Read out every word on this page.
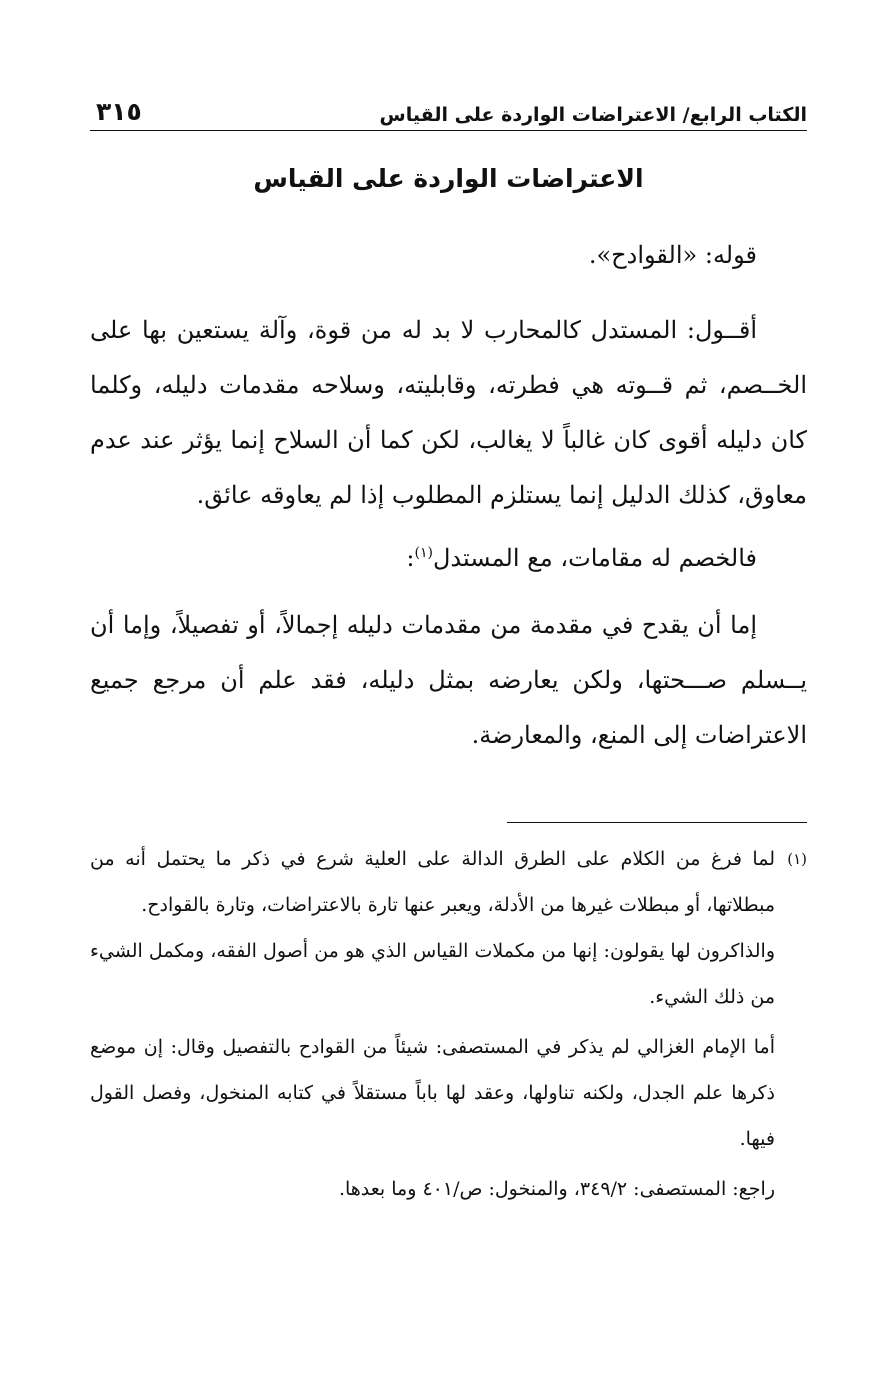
الكتاب الرابع/ الاعتراضات الواردة على القياس
٣١٥
الاعتراضات الواردة على القياس

قوله: «القوادح».

أقــول: المستدل كالمحارب لا بد له من قوة، وآلة يستعين بها على الخــصم، ثم قــوته هي فطرته، وقابليته، وسلاحه مقدمات دليله، وكلما كان دليله أقوى كان غالباً لا يغالب، لكن كما أن السلاح إنما يؤثر عند عدم معاوق، كذلك الدليل إنما يستلزم المطلوب إذا لم يعاوقه عائق.

فالخصم له مقامات، مع المستدل$^{(١)}$:

إما أن يقدح في مقدمة من مقدمات دليله إجمالاً، أو تفصيلاً، وإما أن يــسلم صـــحتها، ولكن يعارضه بمثل دليله، فقد علم أن مرجع جميع الاعتراضات إلى المنع، والمعارضة.

(١)
لما فرغ من الكلام على الطرق الدالة على العلية شرع في ذكر ما يحتمل أنه من مبطلاتها، أو مبطلات غيرها من الأدلة، ويعبر عنها تارة بالاعتراضات، وتارة بالقوادح.

والذاكرون لها يقولون: إنها من مكملات القياس الذي هو من أصول الفقه، ومكمل الشيء من ذلك الشيء.

أما الإمام الغزالي لم يذكر في المستصفى: شيئاً من القوادح بالتفصيل وقال: إن موضع ذكرها علم الجدل، ولكنه تناولها، وعقد لها باباً مستقلاً في كتابه المنخول، وفصل القول فيها.

راجع: المستصفى: ٣٤٩/٢، والمنخول: ص/٤٠١ وما بعدها.
